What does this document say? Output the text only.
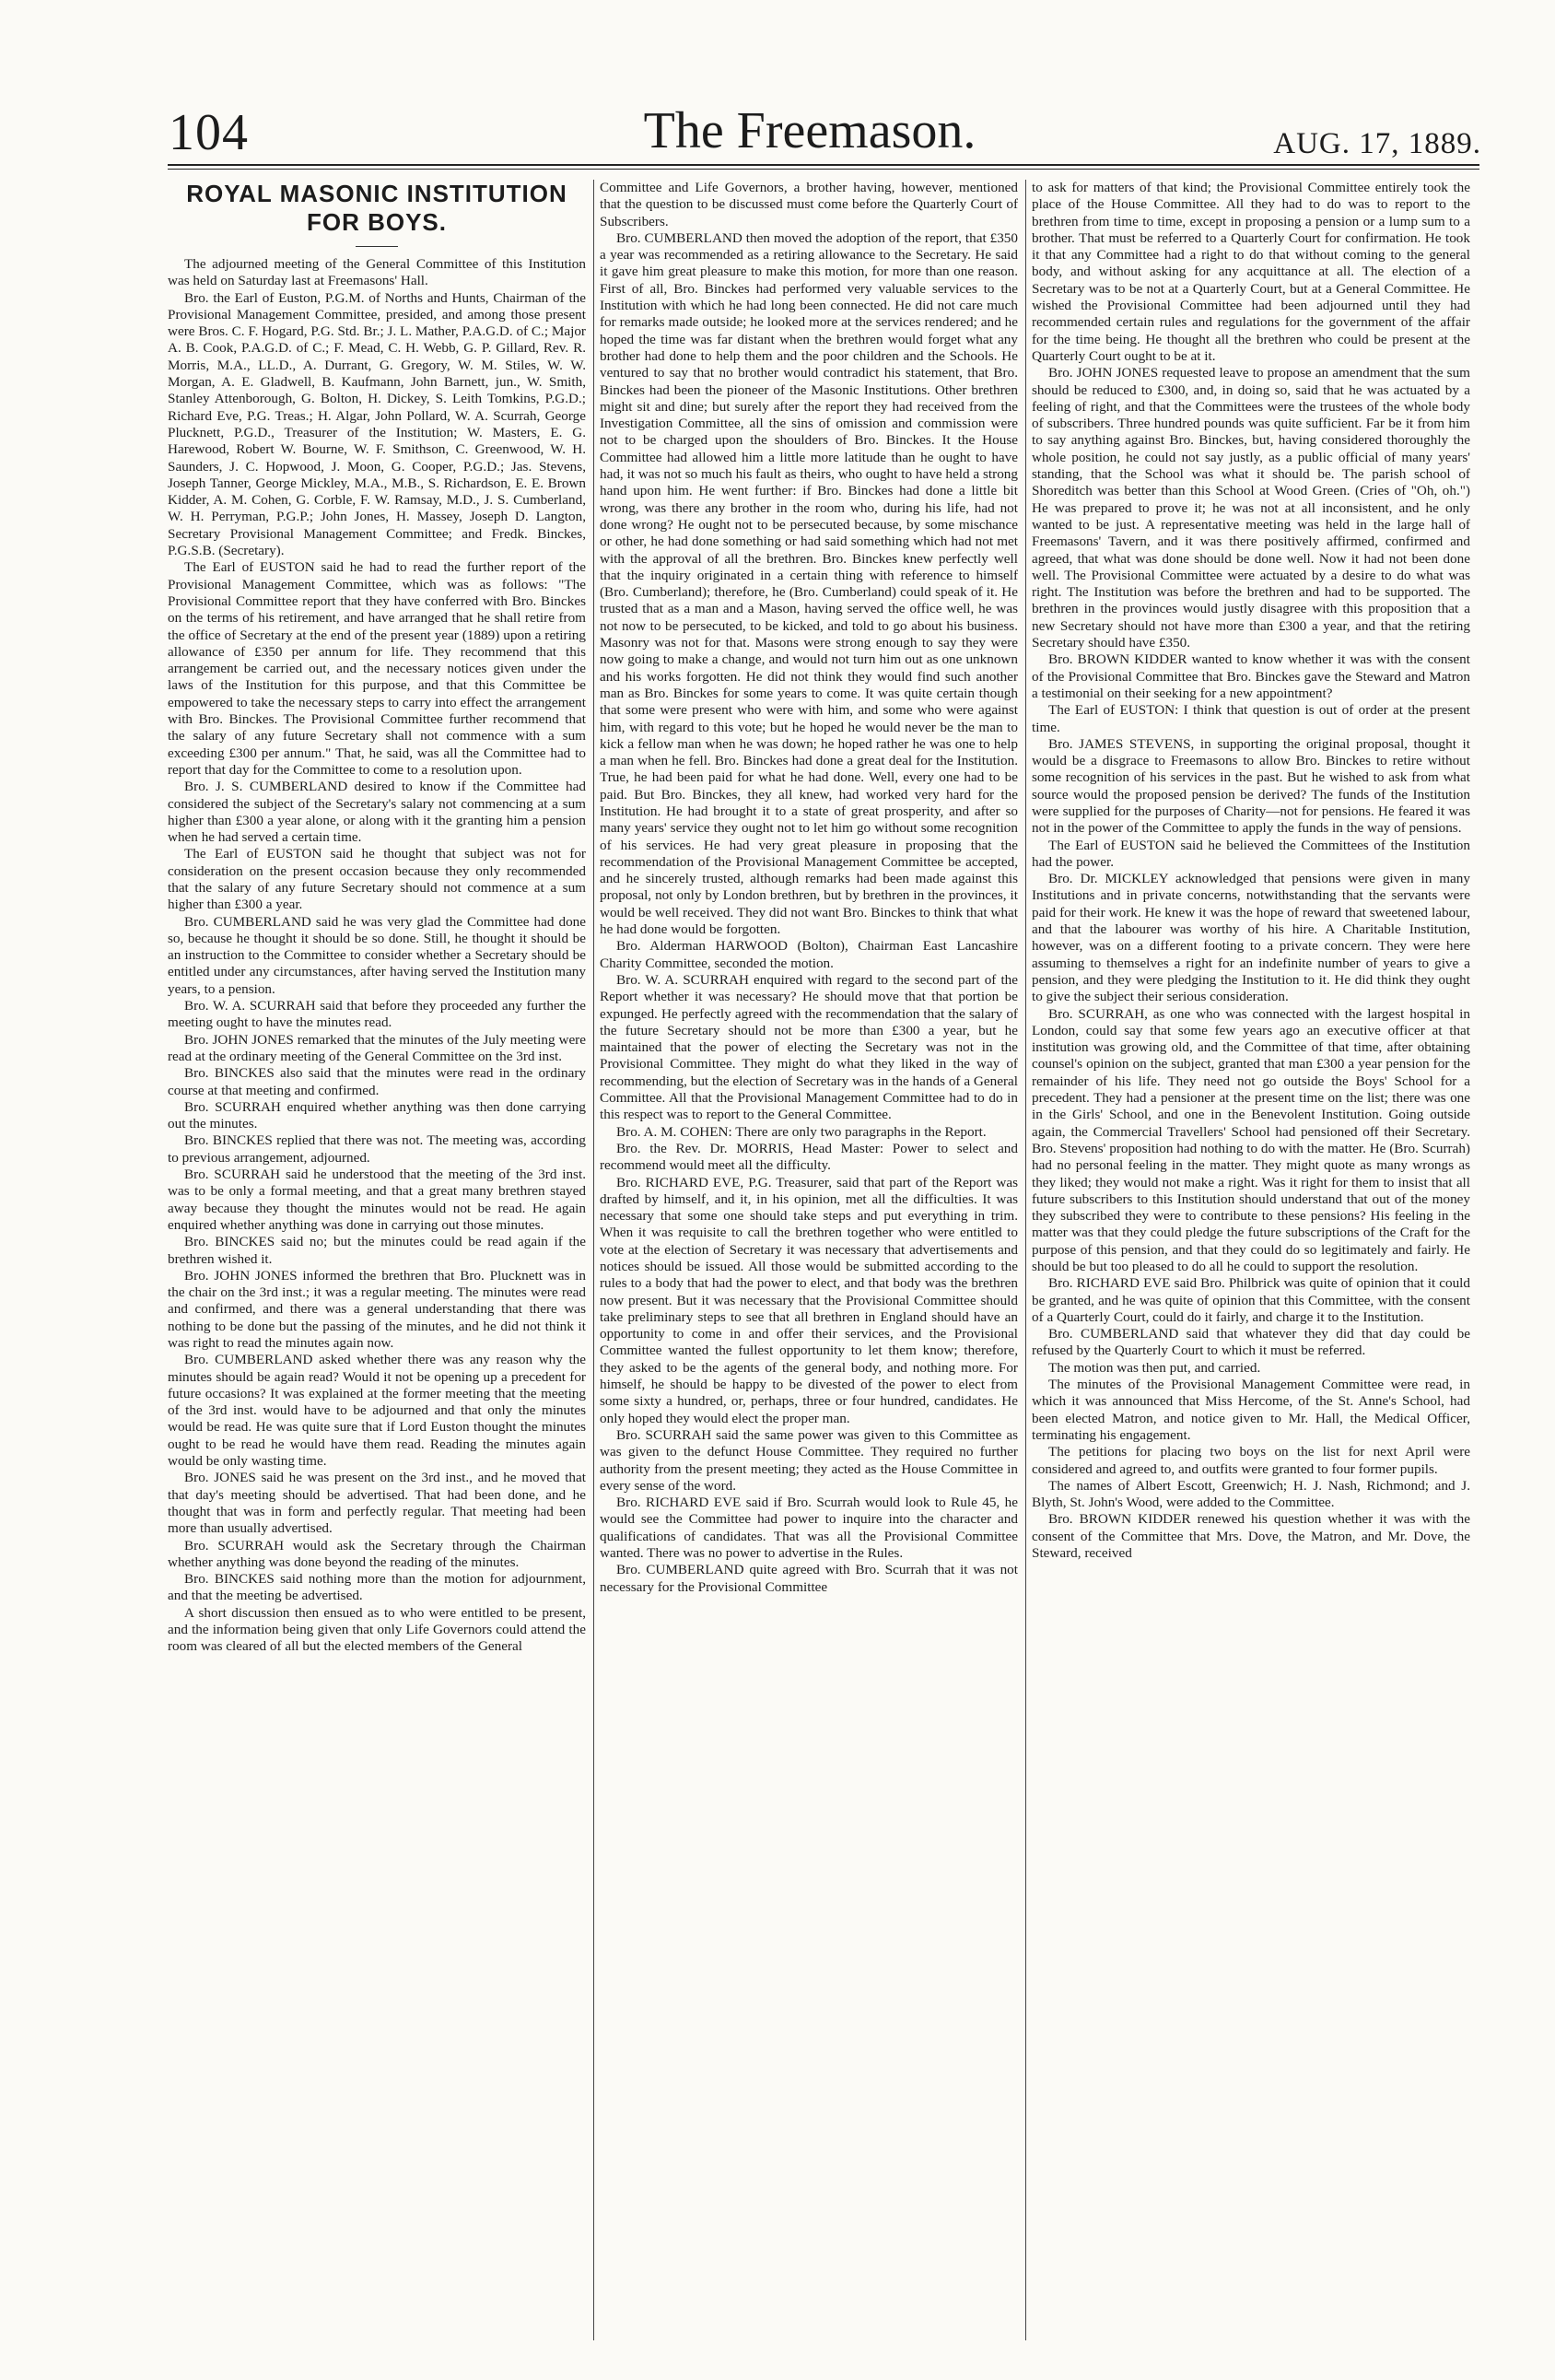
104	The Freemason.	AUG. 17, 1889.
ROYAL MASONIC INSTITUTION FOR BOYS.

The adjourned meeting of the General Committee of this Institution was held on Saturday last at Freemasons' Hall.

Bro. the Earl of Euston, P.G.M. of Norths and Hunts, Chairman of the Provisional Management Committee, presided, and among those present were Bros. C. F. Hogard, P.G. Std. Br.; J. L. Mather, P.A.G.D. of C.; Major A. B. Cook, P.A.G.D. of C.; F. Mead, C. H. Webb, G. P. Gillard, Rev. R. Morris, M.A., LL.D., A. Durrant, G. Gregory, W. M. Stiles, W. W. Morgan, A. E. Gladwell, B. Kaufmann, John Barnett, jun., W. Smith, Stanley Attenborough, G. Bolton, H. Dickey, S. Leith Tomkins, P.G.D.; Richard Eve, P.G. Treas.; H. Algar, John Pollard, W. A. Scurrah, George Plucknett, P.G.D., Treasurer of the Institution; W. Masters, E. G. Harewood, Robert W. Bourne, W. F. Smithson, C. Greenwood, W. H. Saunders, J. C. Hopwood, J. Moon, G. Cooper, P.G.D.; Jas. Stevens, Joseph Tanner, George Mickley, M.A., M.B., S. Richardson, E. E. Brown Kidder, A. M. Cohen, G. Corble, F. W. Ramsay, M.D., J. S. Cumberland, W. H. Perryman, P.G.P.; John Jones, H. Massey, Joseph D. Langton, Secretary Provisional Management Committee; and Fredk. Binckes, P.G.S.B. (Secretary).

The Earl of EUSTON said he had to read the further report of the Provisional Management Committee, which was as follows: "The Provisional Committee report that they have conferred with Bro. Binckes on the terms of his retirement, and have arranged that he shall retire from the office of Secretary at the end of the present year (1889) upon a retiring allowance of £350 per annum for life. They recommend that this arrangement be carried out, and the necessary notices given under the laws of the Institution for this purpose, and that this Committee be empowered to take the necessary steps to carry into effect the arrangement with Bro. Binckes. The Provisional Committee further recommend that the salary of any future Secretary shall not commence with a sum exceeding £300 per annum." That, he said, was all the Committee had to report that day for the Committee to come to a resolution upon.

Bro. J. S. CUMBERLAND desired to know if the Committee had considered the subject of the Secretary's salary not commencing at a sum higher than £300 a year alone, or along with it the granting him a pension when he had served a certain time.

The Earl of EUSTON said he thought that subject was not for consideration on the present occasion because they only recommended that the salary of any future Secretary should not commence at a sum higher than £300 a year.

Bro. CUMBERLAND said he was very glad the Committee had done so, because he thought it should be so done. Still, he thought it should be an instruction to the Committee to consider whether a Secretary should be entitled under any circumstances, after having served the Institution many years, to a pension.

Bro. W. A. SCURRAH said that before they proceeded any further the meeting ought to have the minutes read.

Bro. JOHN JONES remarked that the minutes of the July meeting were read at the ordinary meeting of the General Committee on the 3rd inst.

Bro. BINCKES also said that the minutes were read in the ordinary course at that meeting and confirmed.

Bro. SCURRAH enquired whether anything was then done carrying out the minutes.

Bro. BINCKES replied that there was not. The meeting was, according to previous arrangement, adjourned.

Bro. SCURRAH said he understood that the meeting of the 3rd inst. was to be only a formal meeting, and that a great many brethren stayed away because they thought the minutes would not be read. He again enquired whether anything was done in carrying out those minutes.

Bro. BINCKES said no; but the minutes could be read again if the brethren wished it.

Bro. JOHN JONES informed the brethren that Bro. Plucknett was in the chair on the 3rd inst.; it was a regular meeting. The minutes were read and confirmed, and there was a general understanding that there was nothing to be done but the passing of the minutes, and he did not think it was right to read the minutes again now.

Bro. CUMBERLAND asked whether there was any reason why the minutes should be again read? Would it not be opening up a precedent for future occasions? It was explained at the former meeting that the meeting of the 3rd inst. would have to be adjourned and that only the minutes would be read. He was quite sure that if Lord Euston thought the minutes ought to be read he would have them read. Reading the minutes again would be only wasting time.

Bro. JONES said he was present on the 3rd inst., and he moved that that day's meeting should be advertised. That had been done, and he thought that was in form and perfectly regular. That meeting had been more than usually advertised.

Bro. SCURRAH would ask the Secretary through the Chairman whether anything was done beyond the reading of the minutes.

Bro. BINCKES said nothing more than the motion for adjournment, and that the meeting be advertised.

A short discussion then ensued as to who were entitled to be present, and the information being given that only Life Governors could attend the room was cleared of all but the elected members of the General

Committee and Life Governors, a brother having, however, mentioned that the question to be discussed must come before the Quarterly Court of Subscribers.

Bro. CUMBERLAND then moved the adoption of the report, that £350 a year was recommended as a retiring allowance to the Secretary. He said it gave him great pleasure to make this motion, for more than one reason. First of all, Bro. Binckes had performed very valuable services to the Institution with which he had long been connected. He did not care much for remarks made outside; he looked more at the services rendered; and he hoped the time was far distant when the brethren would forget what any brother had done to help them and the poor children and the Schools. He ventured to say that no brother would contradict his statement, that Bro. Binckes had been the pioneer of the Masonic Institutions. Other brethren might sit and dine; but surely after the report they had received from the Investigation Committee, all the sins of omission and commission were not to be charged upon the shoulders of Bro. Binckes. It the House Committee had allowed him a little more latitude than he ought to have had, it was not so much his fault as theirs, who ought to have held a strong hand upon him. He went further: if Bro. Binckes had done a little bit wrong, was there any brother in the room who, during his life, had not done wrong? He ought not to be persecuted because, by some mischance or other, he had done something or had said something which had not met with the approval of all the brethren. Bro. Binckes knew perfectly well that the inquiry originated in a certain thing with reference to himself (Bro. Cumberland); therefore, he (Bro. Cumberland) could speak of it. He trusted that as a man and a Mason, having served the office well, he was not now to be persecuted, to be kicked, and told to go about his business. Masonry was not for that. Masons were strong enough to say they were now going to make a change, and would not turn him out as one unknown and his works forgotten. He did not think they would find such another man as Bro. Binckes for some years to come. It was quite certain though that some were present who were with him, and some who were against him, with regard to this vote; but he hoped he would never be the man to kick a fellow man when he was down; he hoped rather he was one to help a man when he fell. Bro. Binckes had done a great deal for the Institution. True, he had been paid for what he had done. Well, every one had to be paid. But Bro. Binckes, they all knew, had worked very hard for the Institution. He had brought it to a state of great prosperity, and after so many years' service they ought not to let him go without some recognition of his services. He had very great pleasure in proposing that the recommendation of the Provisional Management Committee be accepted, and he sincerely trusted, although remarks had been made against this proposal, not only by London brethren, but by brethren in the provinces, it would be well received. They did not want Bro. Binckes to think that what he had done would be forgotten.

Bro. Alderman HARWOOD (Bolton), Chairman East Lancashire Charity Committee, seconded the motion.

Bro. W. A. SCURRAH enquired with regard to the second part of the Report whether it was necessary? He should move that that portion be expunged. He perfectly agreed with the recommendation that the salary of the future Secretary should not be more than £300 a year, but he maintained that the power of electing the Secretary was not in the Provisional Committee. They might do what they liked in the way of recommending, but the election of Secretary was in the hands of a General Committee. All that the Provisional Management Committee had to do in this respect was to report to the General Committee.

Bro. A. M. COHEN: There are only two paragraphs in the Report.

Bro. the Rev. Dr. MORRIS, Head Master: Power to select and recommend would meet all the difficulty.

Bro. RICHARD EVE, P.G. Treasurer, said that part of the Report was drafted by himself, and it, in his opinion, met all the difficulties. It was necessary that some one should take steps and put everything in trim. When it was requisite to call the brethren together who were entitled to vote at the election of Secretary it was necessary that advertisements and notices should be issued. All those would be submitted according to the rules to a body that had the power to elect, and that body was the brethren now present. But it was necessary that the Provisional Committee should take preliminary steps to see that all brethren in England should have an opportunity to come in and offer their services, and the Provisional Committee wanted the fullest opportunity to let them know; therefore, they asked to be the agents of the general body, and nothing more. For himself, he should be happy to be divested of the power to elect from some sixty a hundred, or, perhaps, three or four hundred, candidates. He only hoped they would elect the proper man.

Bro. SCURRAH said the same power was given to this Committee as was given to the defunct House Committee. They required no further authority from the present meeting; they acted as the House Committee in every sense of the word.

Bro. RICHARD EVE said if Bro. Scurrah would look to Rule 45, he would see the Committee had power to inquire into the character and qualifications of candidates. That was all the Provisional Committee wanted. There was no power to advertise in the Rules.

Bro. CUMBERLAND quite agreed with Bro. Scurrah that it was not necessary for the Provisional Committee

to ask for matters of that kind; the Provisional Committee entirely took the place of the House Committee. All they had to do was to report to the brethren from time to time, except in proposing a pension or a lump sum to a brother. That must be referred to a Quarterly Court for confirmation. He took it that any Committee had a right to do that without coming to the general body, and without asking for any acquittance at all. The election of a Secretary was to be not at a Quarterly Court, but at a General Committee. He wished the Provisional Committee had been adjourned until they had recommended certain rules and regulations for the government of the affair for the time being. He thought all the brethren who could be present at the Quarterly Court ought to be at it.

Bro. JOHN JONES requested leave to propose an amendment that the sum should be reduced to £300, and, in doing so, said that he was actuated by a feeling of right, and that the Committees were the trustees of the whole body of subscribers. Three hundred pounds was quite sufficient. Far be it from him to say anything against Bro. Binckes, but, having considered thoroughly the whole position, he could not say justly, as a public official of many years' standing, that the School was what it should be. The parish school of Shoreditch was better than this School at Wood Green. (Cries of "Oh, oh.") He was prepared to prove it; he was not at all inconsistent, and he only wanted to be just. A representative meeting was held in the large hall of Freemasons' Tavern, and it was there positively affirmed, confirmed and agreed, that what was done should be done well. Now it had not been done well. The Provisional Committee were actuated by a desire to do what was right. The Institution was before the brethren and had to be supported. The brethren in the provinces would justly disagree with this proposition that a new Secretary should not have more than £300 a year, and that the retiring Secretary should have £350.

Bro. BROWN KIDDER wanted to know whether it was with the consent of the Provisional Committee that Bro. Binckes gave the Steward and Matron a testimonial on their seeking for a new appointment?

The Earl of EUSTON: I think that question is out of order at the present time.

Bro. JAMES STEVENS, in supporting the original proposal, thought it would be a disgrace to Freemasons to allow Bro. Binckes to retire without some recognition of his services in the past. But he wished to ask from what source would the proposed pension be derived? The funds of the Institution were supplied for the purposes of Charity—not for pensions. He feared it was not in the power of the Committee to apply the funds in the way of pensions.

The Earl of EUSTON said he believed the Committees of the Institution had the power.

Bro. Dr. MICKLEY acknowledged that pensions were given in many Institutions and in private concerns, notwithstanding that the servants were paid for their work. He knew it was the hope of reward that sweetened labour, and that the labourer was worthy of his hire. A Charitable Institution, however, was on a different footing to a private concern. They were here assuming to themselves a right for an indefinite number of years to give a pension, and they were pledging the Institution to it. He did think they ought to give the subject their serious consideration.

Bro. SCURRAH, as one who was connected with the largest hospital in London, could say that some few years ago an executive officer at that institution was growing old, and the Committee of that time, after obtaining counsel's opinion on the subject, granted that man £300 a year pension for the remainder of his life. They need not go outside the Boys' School for a precedent. They had a pensioner at the present time on the list; there was one in the Girls' School, and one in the Benevolent Institution. Going outside again, the Commercial Travellers' School had pensioned off their Secretary. Bro. Stevens' proposition had nothing to do with the matter. He (Bro. Scurrah) had no personal feeling in the matter. They might quote as many wrongs as they liked; they would not make a right. Was it right for them to insist that all future subscribers to this Institution should understand that out of the money they subscribed they were to contribute to these pensions? His feeling in the matter was that they could pledge the future subscriptions of the Craft for the purpose of this pension, and that they could do so legitimately and fairly. He should be but too pleased to do all he could to support the resolution.

Bro. RICHARD EVE said Bro. Philbrick was quite of opinion that it could be granted, and he was quite of opinion that this Committee, with the consent of a Quarterly Court, could do it fairly, and charge it to the Institution.

Bro. CUMBERLAND said that whatever they did that day could be refused by the Quarterly Court to which it must be referred.

The motion was then put, and carried.

The minutes of the Provisional Management Committee were read, in which it was announced that Miss Hercome, of the St. Anne's School, had been elected Matron, and notice given to Mr. Hall, the Medical Officer, terminating his engagement.

The petitions for placing two boys on the list for next April were considered and agreed to, and outfits were granted to four former pupils.

The names of Albert Escott, Greenwich; H. J. Nash, Richmond; and J. Blyth, St. John's Wood, were added to the Committee.

Bro. BROWN KIDDER renewed his question whether it was with the consent of the Committee that Mrs. Dove, the Matron, and Mr. Dove, the Steward, received
